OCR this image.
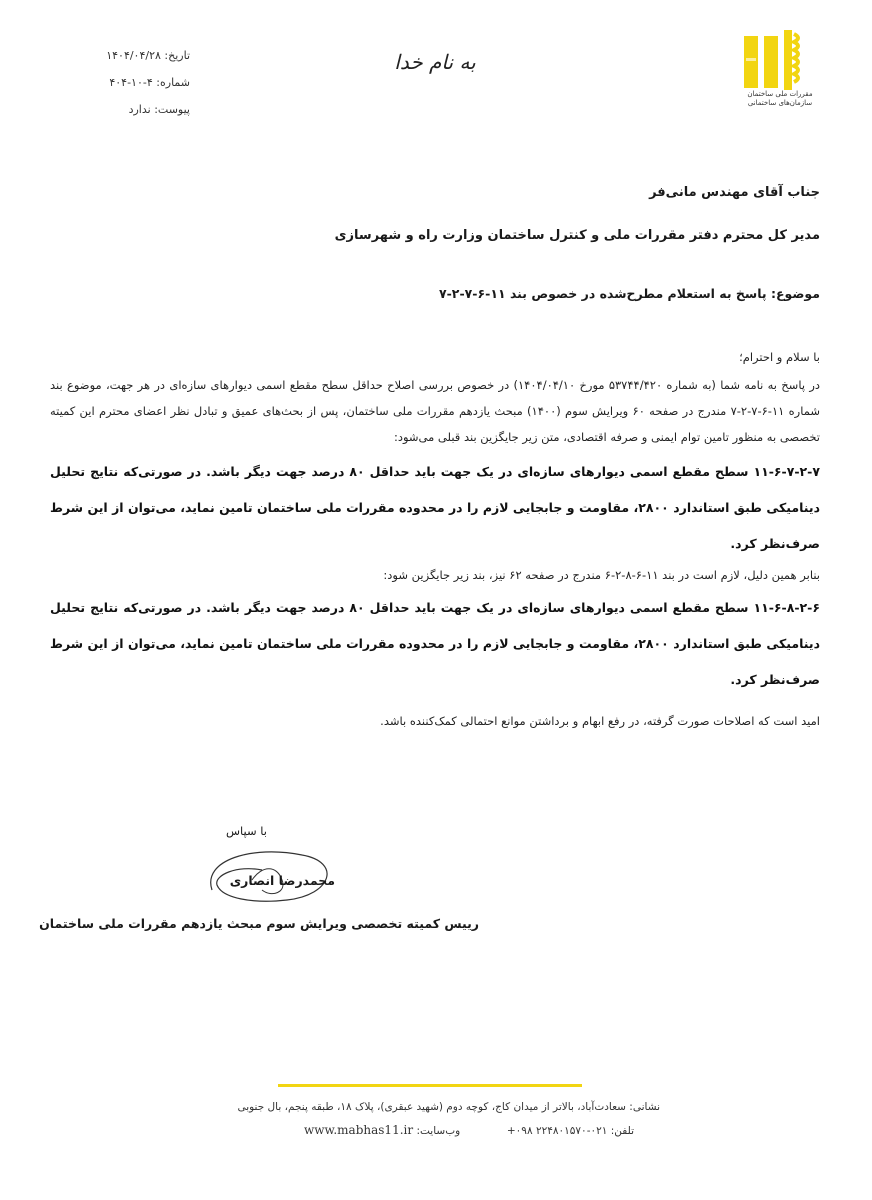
مقررات ملی ساختمان
سازمان‌های ساختمانی
به نام خدا
تاریخ: ۱۴۰۴/۰۴/۲۸
شماره: ۴-۱۰-۴۰۴
پیوست: ندارد
جناب آقای مهندس مانی‌فر
مدیر کل محترم دفتر مقررات ملی و کنترل ساختمان وزارت راه و شهرسازی
موضوع: پاسخ به استعلام مطرح‌شده در خصوص بند ۱۱-۶-۷-۲-۷

با سلام و احترام؛

در پاسخ به نامه شما (به شماره ۵۳۷۴۴/۴۲۰ مورخ ۱۴۰۴/۰۴/۱۰) در خصوص بررسی اصلاح حداقل سطح مقطع اسمی دیوارهای سازه‌ای در هر جهت، موضوع بند شماره ۱۱-۶-۷-۲-۷ مندرج در صفحه ۶۰ ویرایش سوم (۱۴۰۰) مبحث یازدهم مقررات ملی ساختمان، پس از بحث‌های عمیق و تبادل نظر اعضای محترم این کمیته تخصصی به منظور تامین توام ایمنی و صرفه اقتصادی، متن زیر جایگزین بند قبلی می‌شود:

۱۱-۶-۷-۲-۷ سطح مقطع اسمی دیوارهای سازه‌ای در یک جهت باید حداقل ۸۰ درصد جهت دیگر باشد. در صورتی‌که نتایج تحلیل دینامیکی طبق استاندارد ۲۸۰۰، مقاومت و جابجایی لازم را در محدوده مقررات ملی ساختمان تامین نماید، می‌توان از این شرط صرف‌نظر کرد.

بنابر همین دلیل، لازم است در بند ۱۱-۶-۸-۲-۶ مندرج در صفحه ۶۲ نیز، بند زیر جایگزین شود:

۱۱-۶-۸-۲-۶ سطح مقطع اسمی دیوارهای سازه‌ای در یک جهت باید حداقل ۸۰ درصد جهت دیگر باشد. در صورتی‌که نتایج تحلیل دینامیکی طبق استاندارد ۲۸۰۰، مقاومت و جابجایی لازم را در محدوده مقررات ملی ساختمان تامین نماید، می‌توان از این شرط صرف‌نظر کرد.

امید است که اصلاحات صورت گرفته، در رفع ابهام و برداشتن موانع احتمالی کمک‌کننده باشد.

با سپاس
محمدرضا انصاری
رییس کمیته تخصصی ویرایش سوم مبحث یازدهم مقررات ملی ساختمان
نشانی: سعادت‌آباد، بالاتر از میدان کاج، کوچه دوم (شهید عبقری)، پلاک ۱۸، طبقه پنجم، بال جنوبی
تلفن: ۰۲۱-۲۲۴۸۰۱۵۷۰ ۰۹۸+  وب‌سایت: www.mabhas11.ir
